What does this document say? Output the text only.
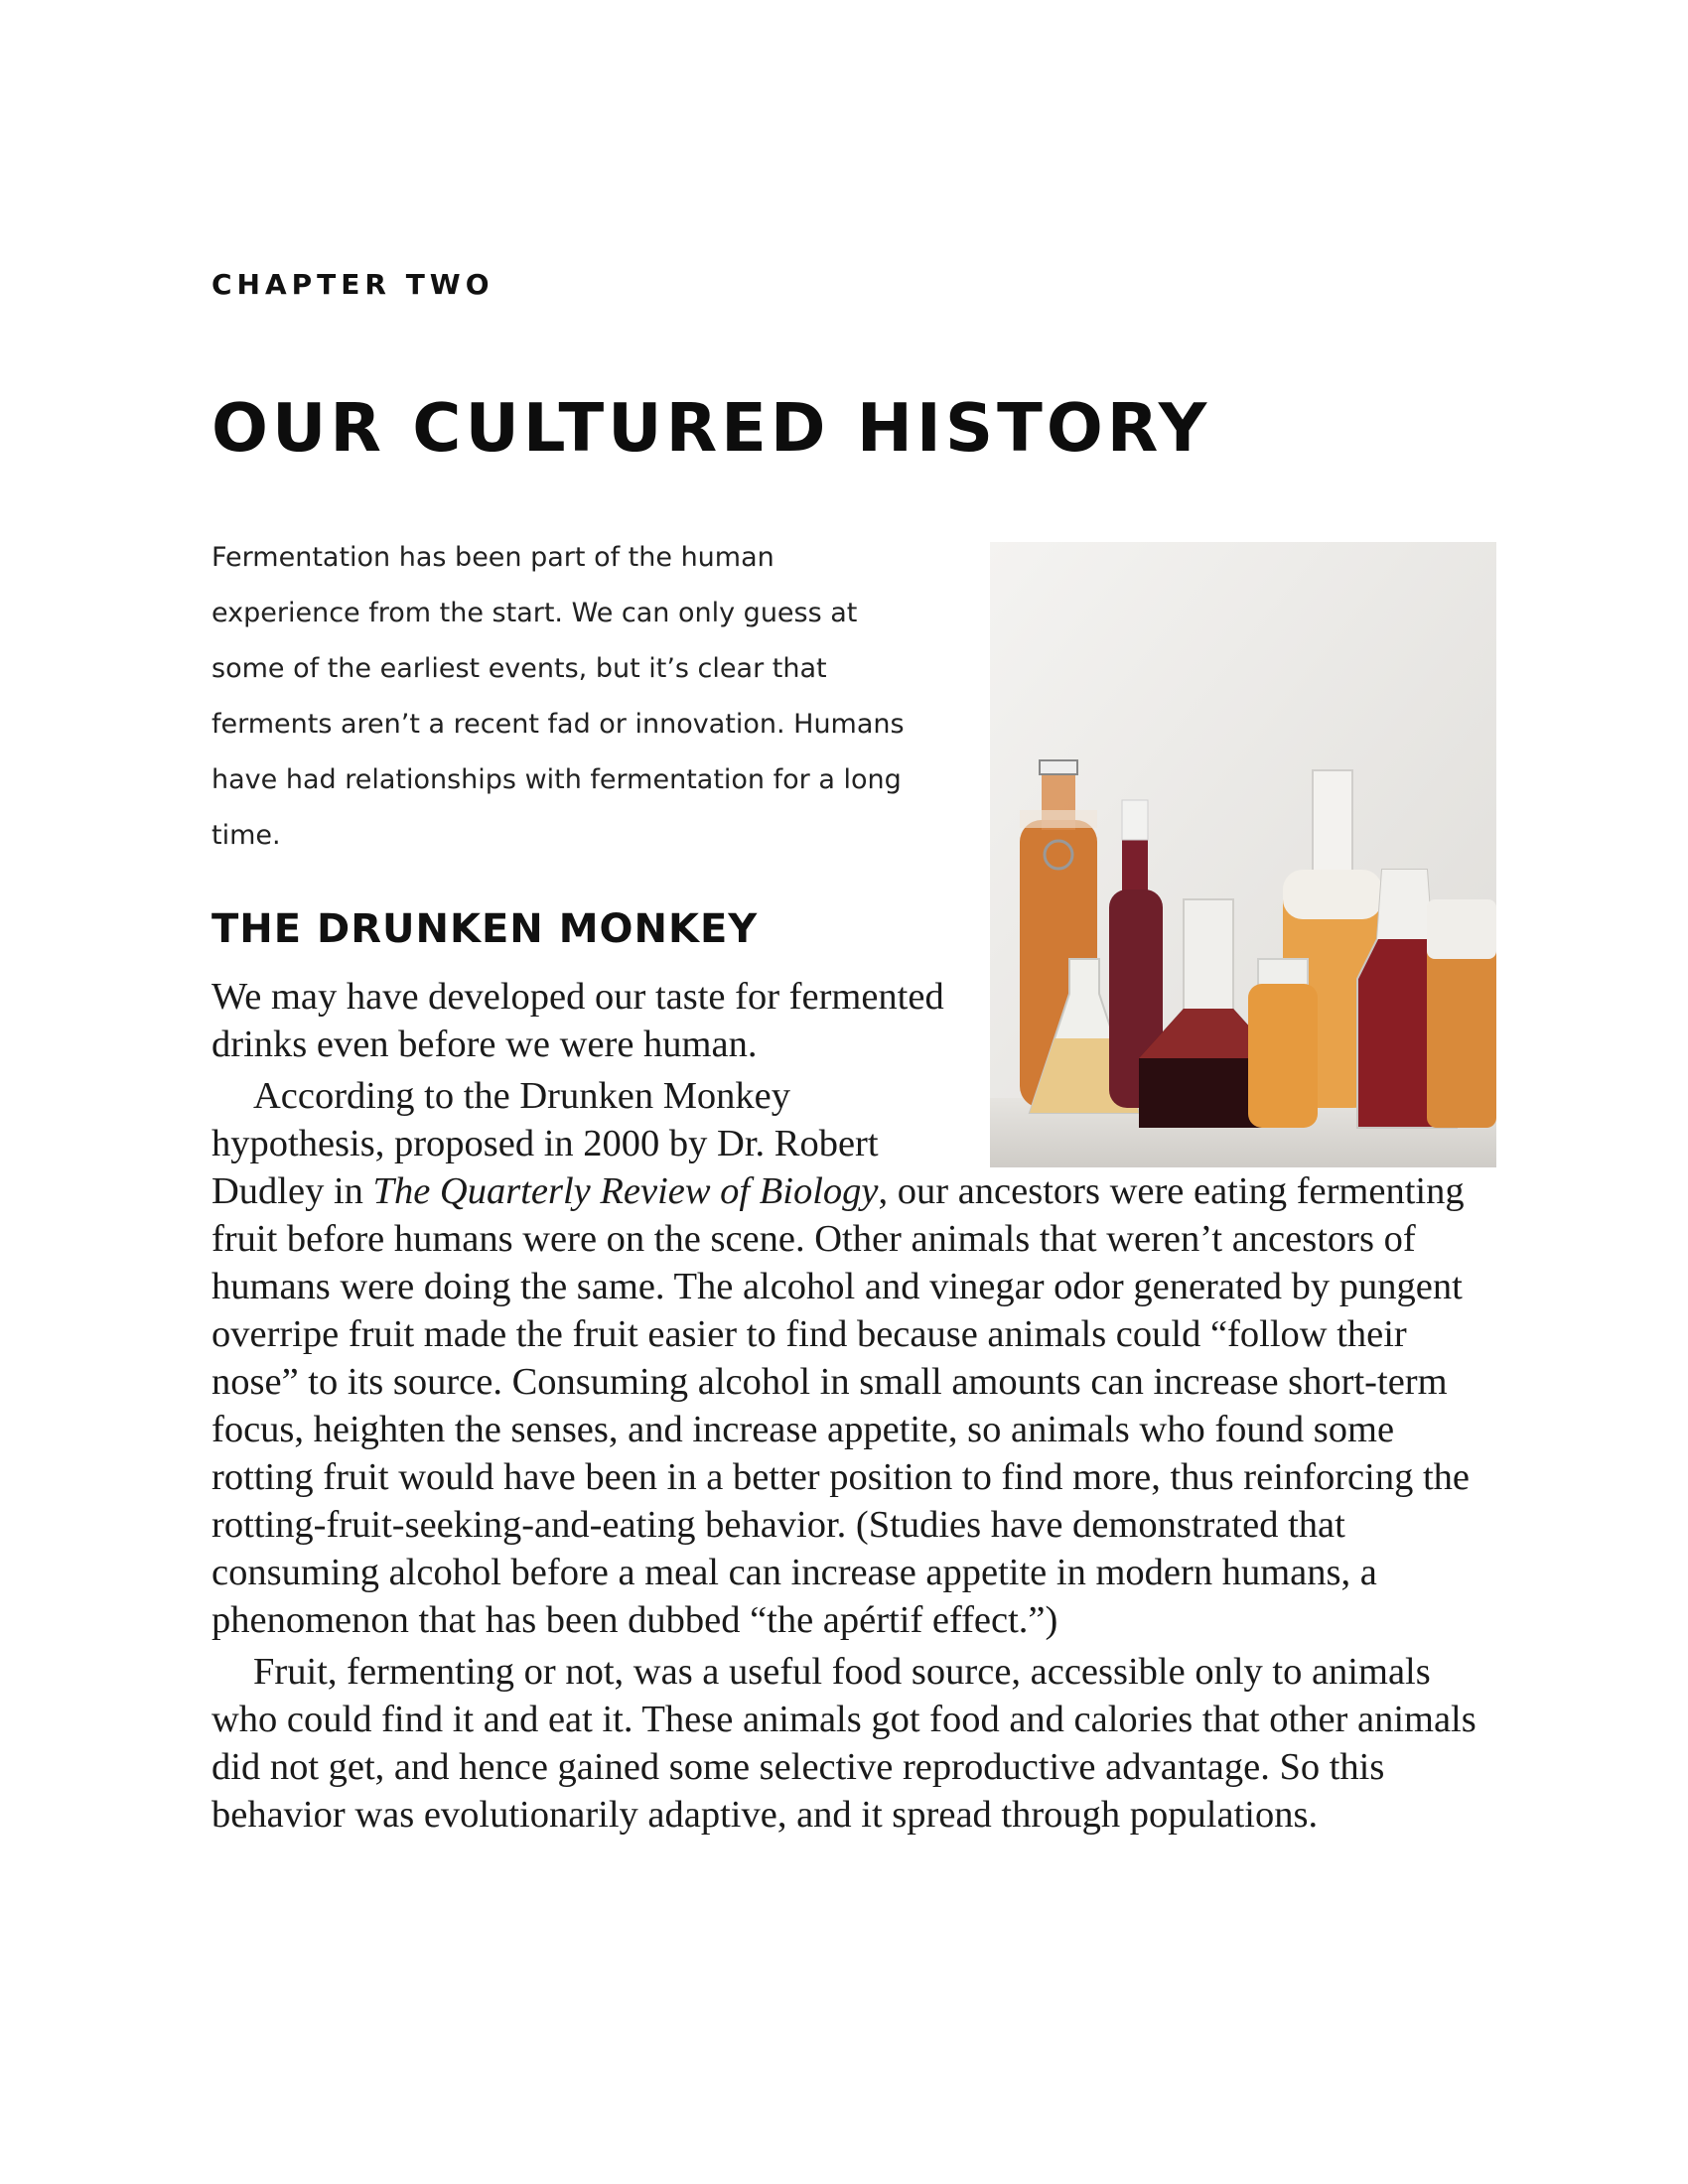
CHAPTER TWO
OUR CULTURED HISTORY

Fermentation has been part of the human experience from the start. We can only guess at some of the earliest events, but it’s clear that ferments aren’t a recent fad or innovation. Humans have had relationships with fermentation for a long time.

THE DRUNKEN MONKEY

We may have developed our taste for fermented drinks even before we were human.

According to the Drunken Monkey hypothesis, proposed in 2000 by Dr. Robert Dudley in The Quarterly Review of Biology, our ancestors were eating fermenting fruit before humans were on the scene. Other animals that weren’t ancestors of humans were doing the same. The alcohol and vinegar odor generated by pungent overripe fruit made the fruit easier to find because animals could “follow their nose” to its source. Consuming alcohol in small amounts can increase short-term focus, heighten the senses, and increase appetite, so animals who found some rotting fruit would have been in a better position to find more, thus reinforcing the rotting-fruit-seeking-and-eating behavior. (Studies have demonstrated that consuming alcohol before a meal can increase appetite in modern humans, a phenomenon that has been dubbed “the apértif effect.”)

Fruit, fermenting or not, was a useful food source, accessible only to animals who could find it and eat it. These animals got food and calories that other animals did not get, and hence gained some selective reproductive advantage. So this behavior was evolutionarily adaptive, and it spread through populations.
